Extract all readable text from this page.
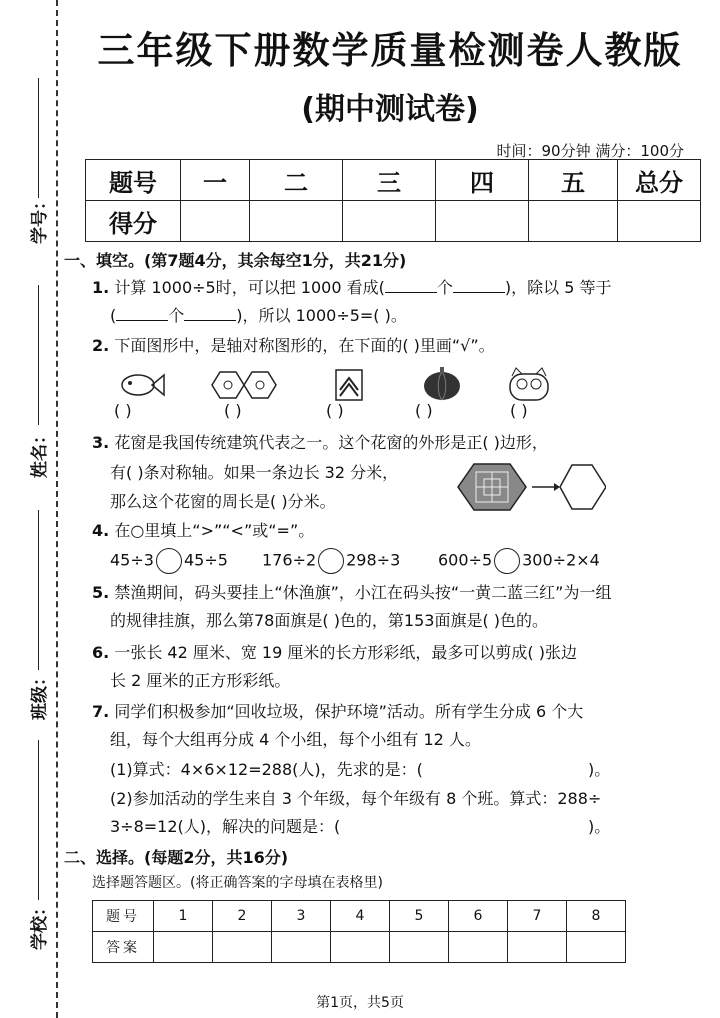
学号：
姓名：
班级：
学校：
三年级下册数学质量检测卷人教版
(期中测试卷)
时间：90分钟 满分：100分
题号	一	二	三	四	五	总分
得分						
一、填空。(第7题4分，其余每空1分，共21分)
1. 计算 1000÷5时，可以把 1000 看成(	个	)，除以 5 等于
(	个	)，所以 1000÷5=( )。
2. 下面图形中，是轴对称图形的，在下面的( )里画“√”。
( )	( )	( )	( )	( )
3. 花窗是我国传统建筑代表之一。这个花窗的外形是正( )边形，
有( )条对称轴。如果一条边长 32 分米，
那么这个花窗的周长是( )分米。
4. 在○里填上“>”“<”或“=”。
45÷3 45÷5 176÷2 298÷3 600÷5 300÷2×4
5. 禁渔期间，码头要挂上“休渔旗”，小江在码头按“一黄二蓝三红”为一组
的规律挂旗，那么第78面旗是( )色的，第153面旗是( )色的。
6. 一张长 42 厘米、宽 19 厘米的长方形彩纸，最多可以剪成( )张边
长 2 厘米的正方形彩纸。
7. 同学们积极参加“回收垃圾，保护环境”活动。所有学生分成 6 个大
组，每个大组再分成 4 个小组，每个小组有 12 人。
(1)算式：4×6×12=288(人)，先求的是：(	)。
(2)参加活动的学生来自 3 个年级，每个年级有 8 个班。算式：288÷
3÷8=12(人)，解决的问题是：(	)。
二、选择。(每题2分，共16分)
选择题答题区。(将正确答案的字母填在表格里)
题号	1	2	3	4	5	6	7	8
答案								
第1页，共5页
